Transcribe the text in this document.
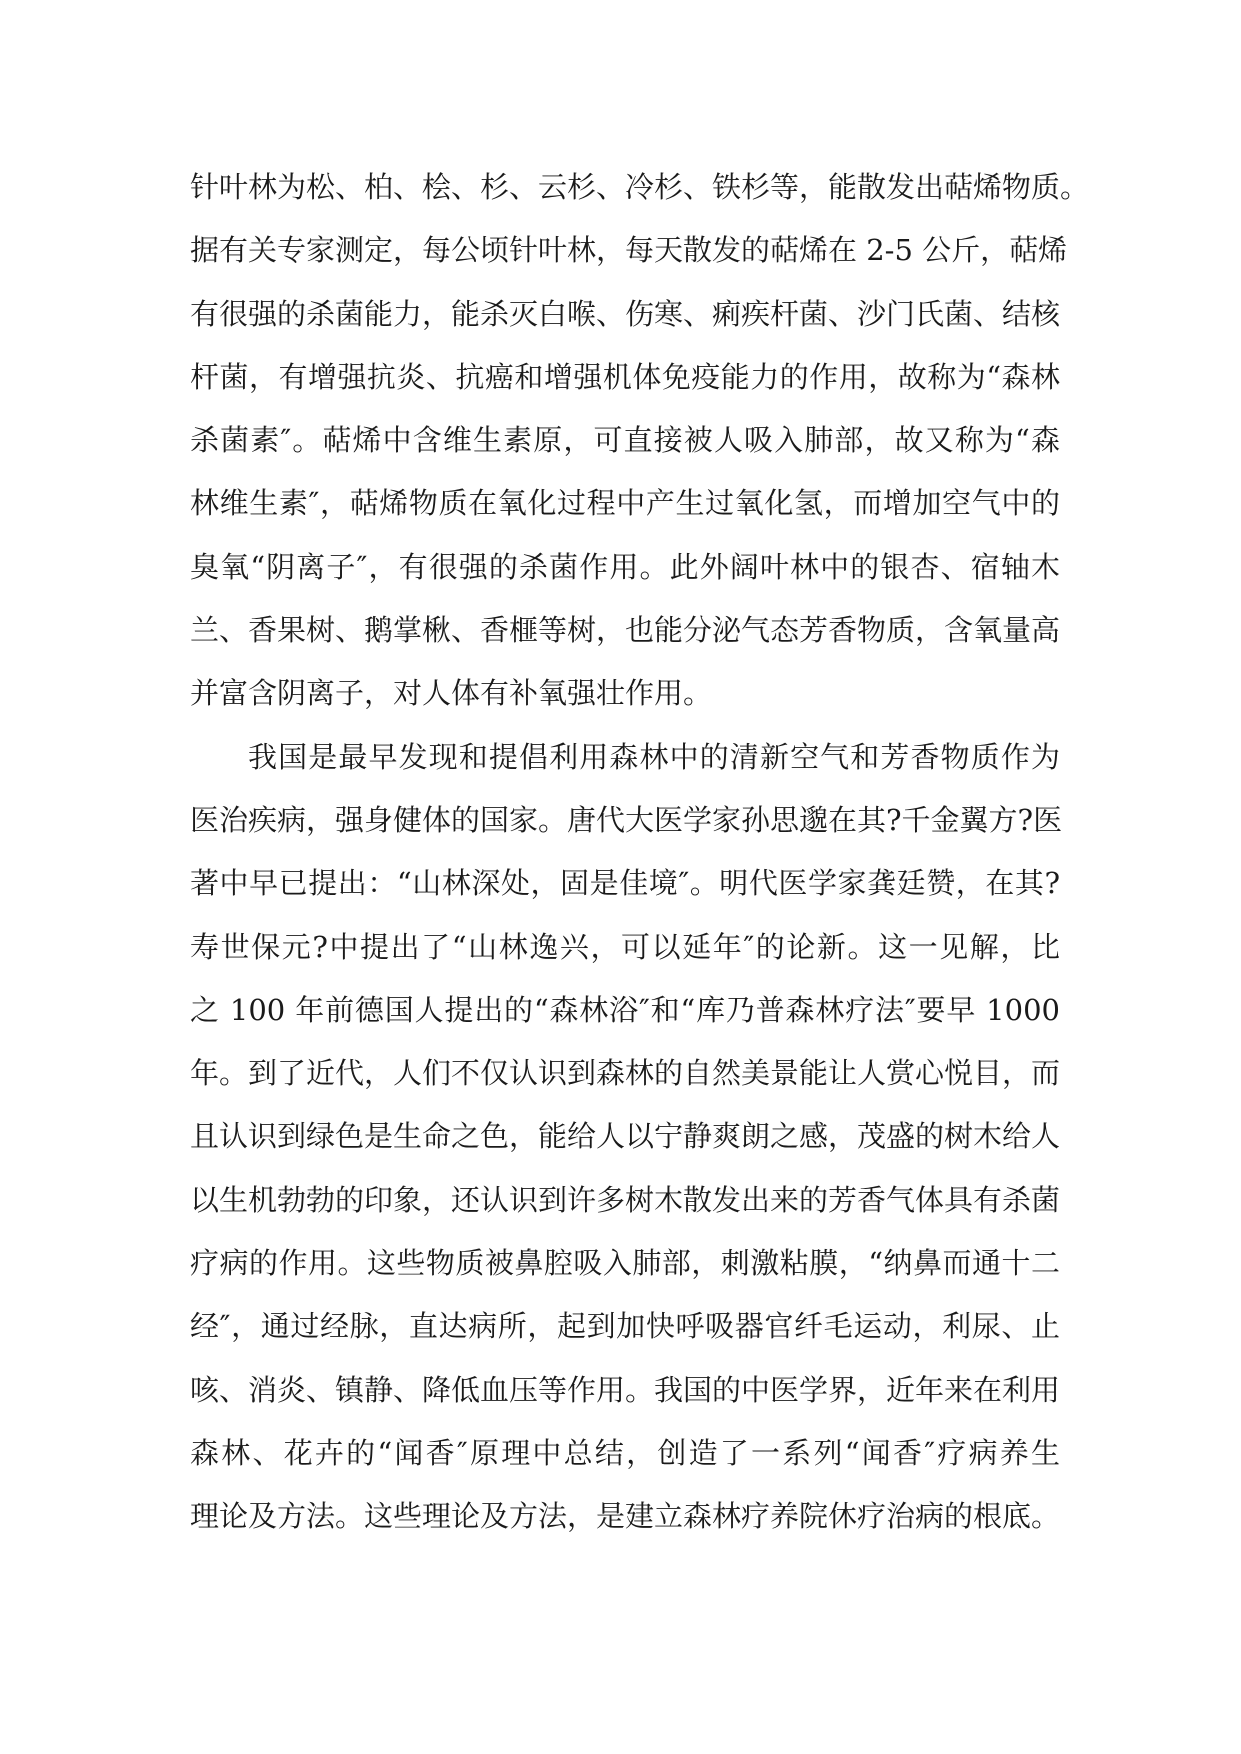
针叶林为松、柏、桧、杉、云杉、冷杉、铁杉等，能散发出萜烯物质。
据有关专家测定，每公顷针叶林，每天散发的萜烯在 2-5 公斤，萜烯
有很强的杀菌能力，能杀灭白喉、伤寒、痢疾杆菌、沙门氏菌、结核
杆菌，有增强抗炎、抗癌和增强机体免疫能力的作用，故称为“森林
杀菌素″。萜烯中含维生素原，可直接被人吸入肺部，故又称为“森
林维生素″，萜烯物质在氧化过程中产生过氧化氢，而增加空气中的
臭氧“阴离子″，有很强的杀菌作用。此外阔叶林中的银杏、宿轴木
兰、香果树、鹅掌楸、香榧等树，也能分泌气态芳香物质，含氧量高
并富含阴离子，对人体有补氧强壮作用。
我国是最早发现和提倡利用森林中的清新空气和芳香物质作为
医治疾病，强身健体的国家。唐代大医学家孙思邈在其?千金翼方?医
著中早已提出：“山林深处，固是佳境″。明代医学家龚廷赞，在其?
寿世保元?中提出了“山林逸兴，可以延年″的论新。这一见解，比
之 100 年前德国人提出的“森林浴″和“库乃普森林疗法″要早 1000
年。到了近代，人们不仅认识到森林的自然美景能让人赏心悦目，而
且认识到绿色是生命之色，能给人以宁静爽朗之感，茂盛的树木给人
以生机勃勃的印象，还认识到许多树木散发出来的芳香气体具有杀菌
疗病的作用。这些物质被鼻腔吸入肺部，刺激粘膜，“纳鼻而通十二
经″，通过经脉，直达病所，起到加快呼吸器官纤毛运动，利尿、止
咳、消炎、镇静、降低血压等作用。我国的中医学界，近年来在利用
森林、花卉的“闻香″原理中总结，创造了一系列“闻香″疗病养生
理论及方法。这些理论及方法，是建立森林疗养院休疗治病的根底。
